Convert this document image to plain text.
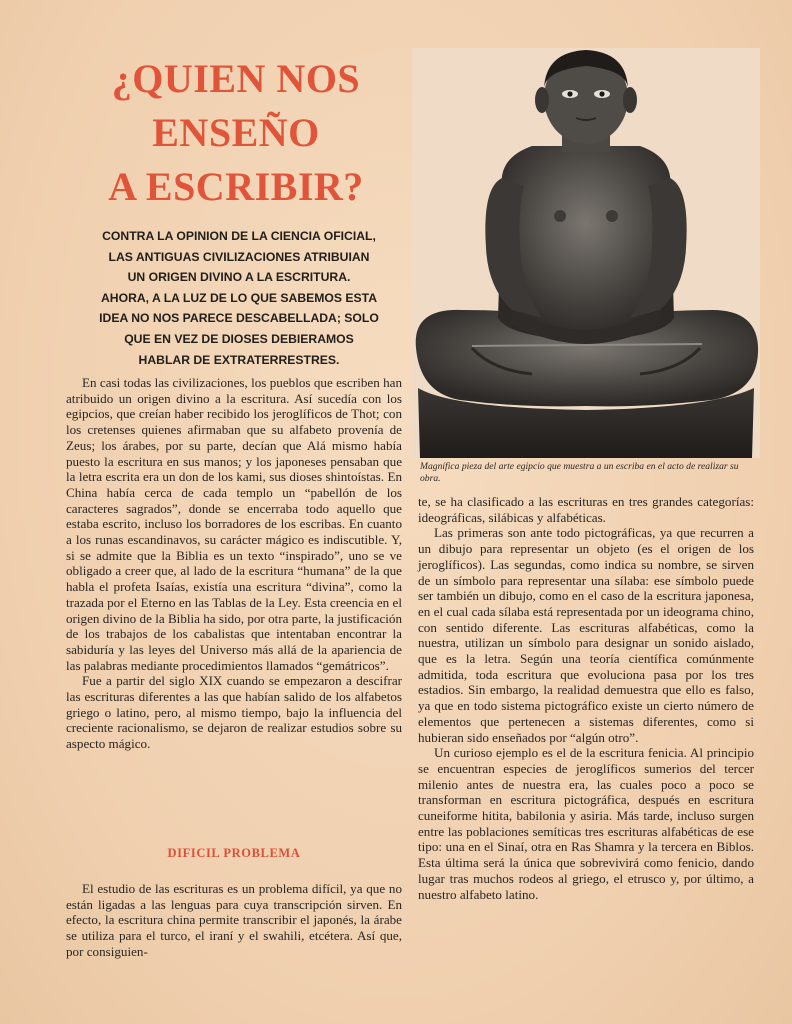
¿QUIEN NOS
ENSEÑO
A ESCRIBIR?
CONTRA LA OPINION DE LA CIENCIA OFICIAL,
LAS ANTIGUAS CIVILIZACIONES ATRIBUIAN
UN ORIGEN DIVINO A LA ESCRITURA.
AHORA, A LA LUZ DE LO QUE SABEMOS ESTA
IDEA NO NOS PARECE DESCABELLADA; SOLO
QUE EN VEZ DE DIOSES DEBIERAMOS
HABLAR DE EXTRATERRESTRES.

En casi todas las civilizaciones, los pueblos que escriben han atribuido un origen divino a la escritura. Así sucedía con los egipcios, que creían haber recibido los jeroglíficos de Thot; con los cretenses quienes afirmaban que su alfabeto provenía de Zeus; los árabes, por su parte, decían que Alá mismo había puesto la escritura en sus manos; y los japoneses pensaban que la letra escrita era un don de los kami, sus dioses shintoístas. En China había cerca de cada templo un “pabellón de los caracteres sagrados”, donde se encerraba todo aquello que estaba escrito, incluso los borradores de los escribas. En cuanto a los runas escandinavos, su carácter mágico es indiscutible. Y, si se admite que la Biblia es un texto “inspirado”, uno se ve obligado a creer que, al lado de la escritura “humana” de la que habla el profeta Isaías, existía una escritura “divina”, como la trazada por el Eterno en las Tablas de la Ley. Esta creencia en el origen divino de la Biblia ha sido, por otra parte, la justificación de los trabajos de los cabalistas que intentaban encontrar la sabiduría y las leyes del Universo más allá de la apariencia de las palabras mediante procedimientos llamados “gemátricos”.

Fue a partir del siglo XIX cuando se empezaron a descifrar las escrituras diferentes a las que habían salido de los alfabetos griego o latino, pero, al mismo tiempo, bajo la influencia del creciente racionalismo, se dejaron de realizar estudios sobre su aspecto mágico.

DIFICIL PROBLEMA

El estudio de las escrituras es un problema difícil, ya que no están ligadas a las lenguas para cuya transcripción sirven. En efecto, la escritura china permite transcribir el japonés, la árabe se utiliza para el turco, el iraní y el swahili, etcétera. Así que, por consiguien-

Magnífica pieza del arte egipcio que muestra a un escriba en el acto de realizar su obra.

te, se ha clasificado a las escrituras en tres grandes categorías: ideográficas, silábicas y alfabéticas.

Las primeras son ante todo pictográficas, ya que recurren a un dibujo para representar un objeto (es el origen de los jeroglíficos). Las segundas, como indica su nombre, se sirven de un símbolo para representar una sílaba: ese símbolo puede ser también un dibujo, como en el caso de la escritura japonesa, en el cual cada sílaba está representada por un ideograma chino, con sentido diferente. Las escrituras alfabéticas, como la nuestra, utilizan un símbolo para designar un sonido aislado, que es la letra. Según una teoría científica comúnmente admitida, toda escritura que evoluciona pasa por los tres estadios. Sin embargo, la realidad demuestra que ello es falso, ya que en todo sistema pictográfico existe un cierto número de elementos que pertenecen a sistemas diferentes, como si hubieran sido enseñados por “algún otro”.

Un curioso ejemplo es el de la escritura fenicia. Al principio se encuentran especies de jeroglíficos sumerios del tercer milenio antes de nuestra era, las cuales poco a poco se transforman en escritura pictográfica, después en escritura cuneiforme hitita, babilonia y asiria. Más tarde, incluso surgen entre las poblaciones semíticas tres escrituras alfabéticas de ese tipo: una en el Sinaí, otra en Ras Shamra y la tercera en Biblos. Esta última será la única que sobrevivirá como fenicio, dando lugar tras muchos rodeos al griego, el etrusco y, por último, a nuestro alfabeto latino.
